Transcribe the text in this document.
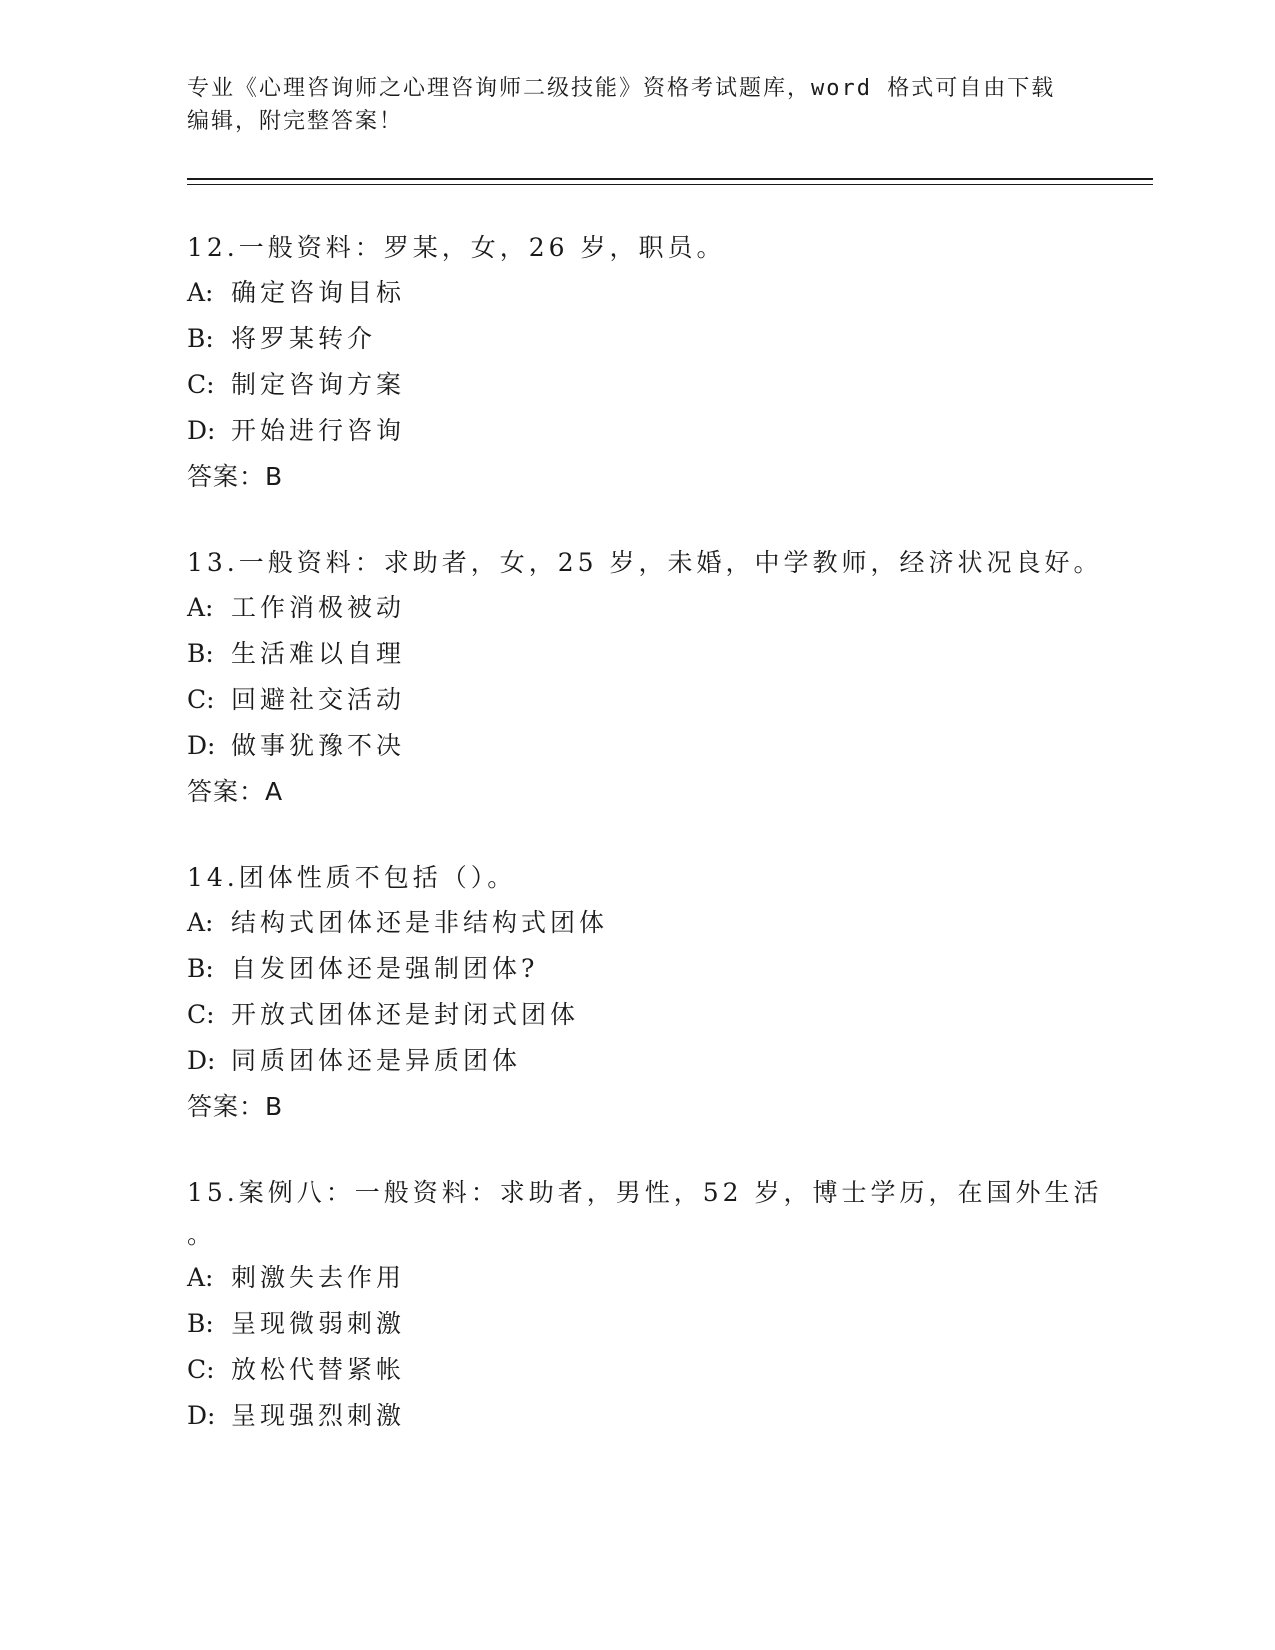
专业《心理咨询师之心理咨询师二级技能》资格考试题库，word 格式可自由下载
编辑，附完整答案！
12.一般资料：罗某，女，26 岁，职员。
A: 确定咨询目标
B: 将罗某转介
C: 制定咨询方案
D: 开始进行咨询
答案：B
13.一般资料：求助者，女，25 岁，未婚，中学教师，经济状况良好。
A: 工作消极被动
B: 生活难以自理
C: 回避社交活动
D: 做事犹豫不决
答案：A
14.团体性质不包括（）。
A: 结构式团体还是非结构式团体
B: 自发团体还是强制团体?
C: 开放式团体还是封闭式团体
D: 同质团体还是异质团体
答案：B
15.案例八：一般资料：求助者，男性，52 岁，博士学历，在国外生活
。
A: 刺激失去作用
B: 呈现微弱刺激
C: 放松代替紧帐
D: 呈现强烈刺激
